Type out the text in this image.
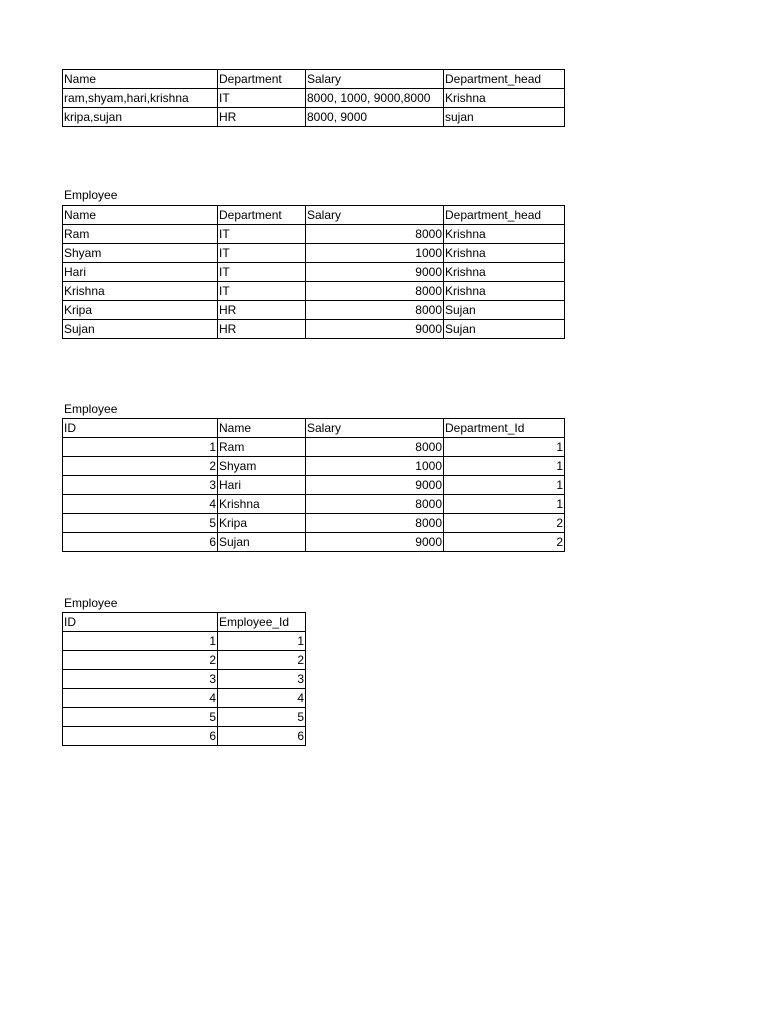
Name	Department	Salary	Department_head
ram,shyam,hari,krishna	IT	8000, 1000, 9000,8000	Krishna
kripa,sujan	HR	8000, 9000	sujan
Employee
Name	Department	Salary	Department_head
Ram	IT	8000	Krishna
Shyam	IT	1000	Krishna
Hari	IT	9000	Krishna
Krishna	IT	8000	Krishna
Kripa	HR	8000	Sujan
Sujan	HR	9000	Sujan
Employee
ID	Name	Salary	Department_Id
1	Ram	8000	1
2	Shyam	1000	1
3	Hari	9000	1
4	Krishna	8000	1
5	Kripa	8000	2
6	Sujan	9000	2
Employee
ID	Employee_Id
1	1
2	2
3	3
4	4
5	5
6	6
